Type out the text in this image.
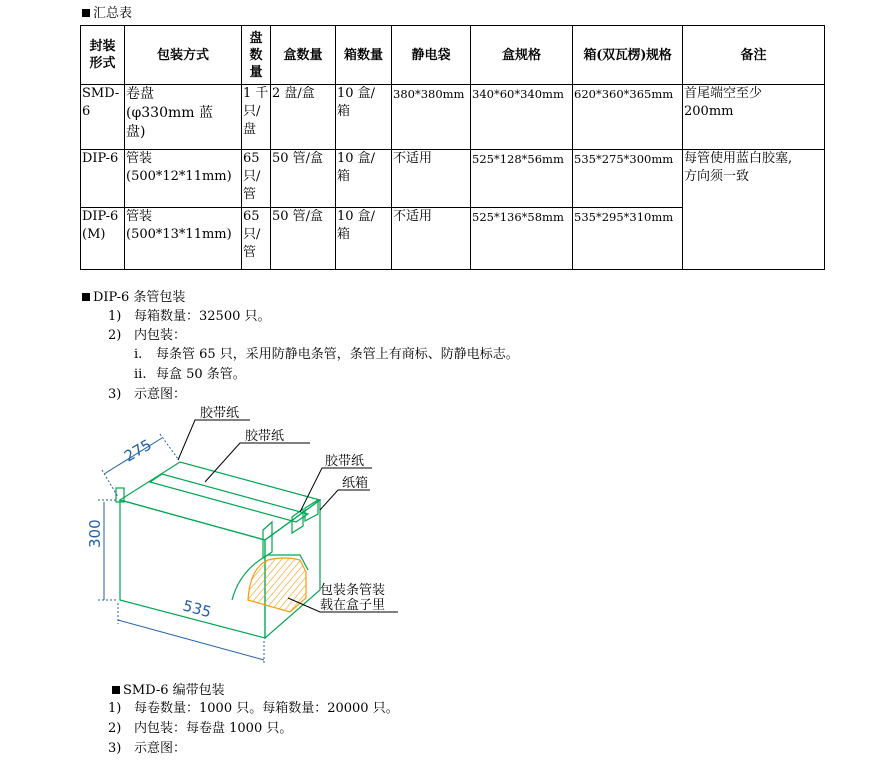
汇总表
封装
形式	包装方式	盘
数
量	盒数量	箱数量	静电袋	盒规格	箱(双瓦楞)规格	备注
SMD-6	卷盘
(φ330mm 蓝
盘)	1 千
只/
盘	2 盘/盒	10 盒/
箱	380*380mm	340*60*340mm	620*360*365mm	首尾端空至少
200mm
DIP-6	管装
(500*12*11mm)	65
只/
管	50 管/盒	10 盒/
箱	不适用	525*128*56mm	535*275*300mm	每管使用蓝白胶塞,
方向须一致
DIP-6
(M)	管装
(500*13*11mm)	65
只/
管	50 管/盒	10 盒/
箱	不适用	525*136*58mm	535*295*310mm	
DIP-6 条管包装
1) 每箱数量：32500 只。
2) 内包装：
i. 每条管 65 只，采用防静电条管，条管上有商标、防静电标志。
ii. 每盒 50 条管。
3) 示意图：
275
300
535
胶带纸
胶带纸
胶带纸
纸箱
包装条管装
载在盒子里
SMD-6 编带包装
1) 每卷数量：1000 只。每箱数量：20000 只。
2) 内包装：每卷盘 1000 只。
3) 示意图：
